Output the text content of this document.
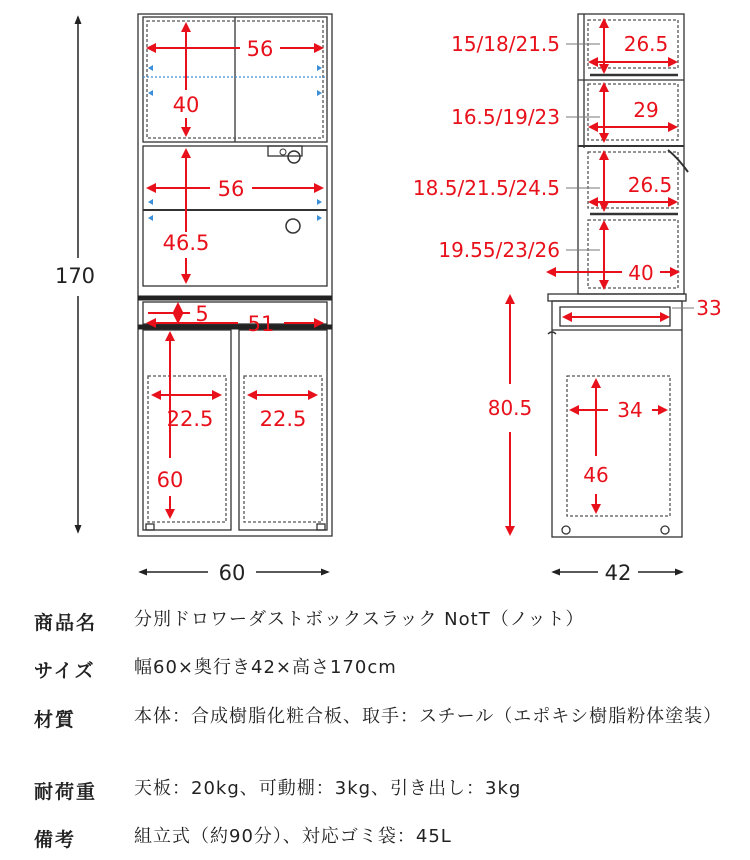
56
40
56
46.5
5 51
22.5 22.5
60
170
60
15/18/21.5	26.5
16.5/19/23	29
18.5/21.5/24.5	26.5
19.55/23/26
40
33
80.5	34
46
42
商品名 分別ドロワーダストボックスラック NotT（ノット）
サイズ 幅60×奥行き42×高さ170cm
材質	本体：合成樹脂化粧合板、取手：スチール（エポキシ樹脂粉体塗装）
耐荷重 天板：20kg、可動棚：3kg、引き出し：3kg
備考	組立式（約90分）、対応ゴミ袋：45L
